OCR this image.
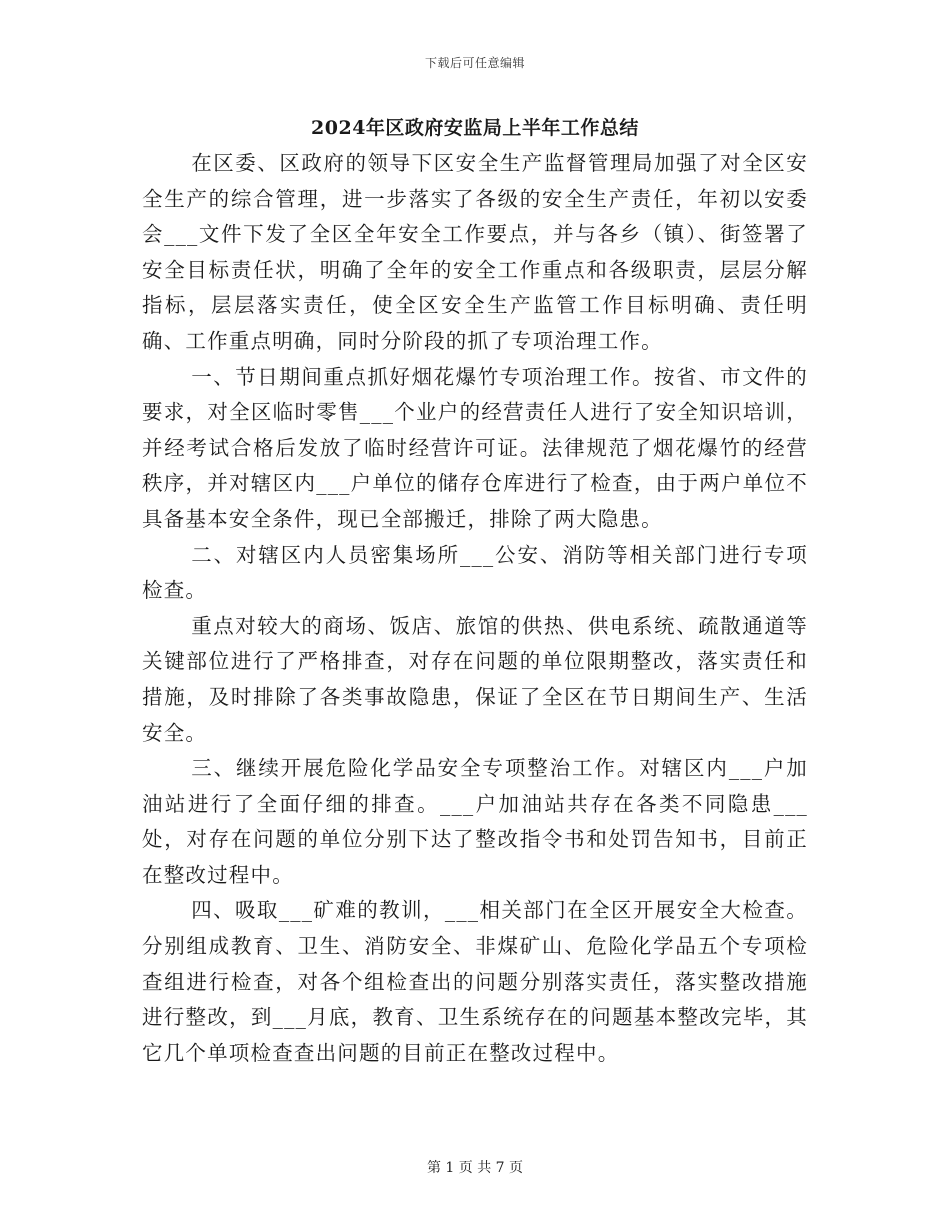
下载后可任意编辑
2024年区政府安监局上半年工作总结

在区委、区政府的领导下区安全生产监督管理局加强了对全区安全生产的综合管理，进一步落实了各级的安全生产责任，年初以安委会___文件下发了全区全年安全工作要点，并与各乡（镇）、街签署了安全目标责任状，明确了全年的安全工作重点和各级职责，层层分解指标，层层落实责任，使全区安全生产监管工作目标明确、责任明确、工作重点明确，同时分阶段的抓了专项治理工作。

一、节日期间重点抓好烟花爆竹专项治理工作。按省、市文件的要求，对全区临时零售___个业户的经营责任人进行了安全知识培训，并经考试合格后发放了临时经营许可证。法律规范了烟花爆竹的经营秩序，并对辖区内___户单位的储存仓库进行了检查，由于两户单位不具备基本安全条件，现已全部搬迁，排除了两大隐患。

二、对辖区内人员密集场所___公安、消防等相关部门进行专项检查。

重点对较大的商场、饭店、旅馆的供热、供电系统、疏散通道等关键部位进行了严格排查，对存在问题的单位限期整改，落实责任和措施，及时排除了各类事故隐患，保证了全区在节日期间生产、生活安全。

三、继续开展危险化学品安全专项整治工作。对辖区内___户加油站进行了全面仔细的排查。___户加油站共存在各类不同隐患___处，对存在问题的单位分别下达了整改指令书和处罚告知书，目前正在整改过程中。

四、吸取___矿难的教训，___相关部门在全区开展安全大检查。分别组成教育、卫生、消防安全、非煤矿山、危险化学品五个专项检查组进行检查，对各个组检查出的问题分别落实责任，落实整改措施进行整改，到___月底，教育、卫生系统存在的问题基本整改完毕，其它几个单项检查查出问题的目前正在整改过程中。

第 1 页 共 7 页
